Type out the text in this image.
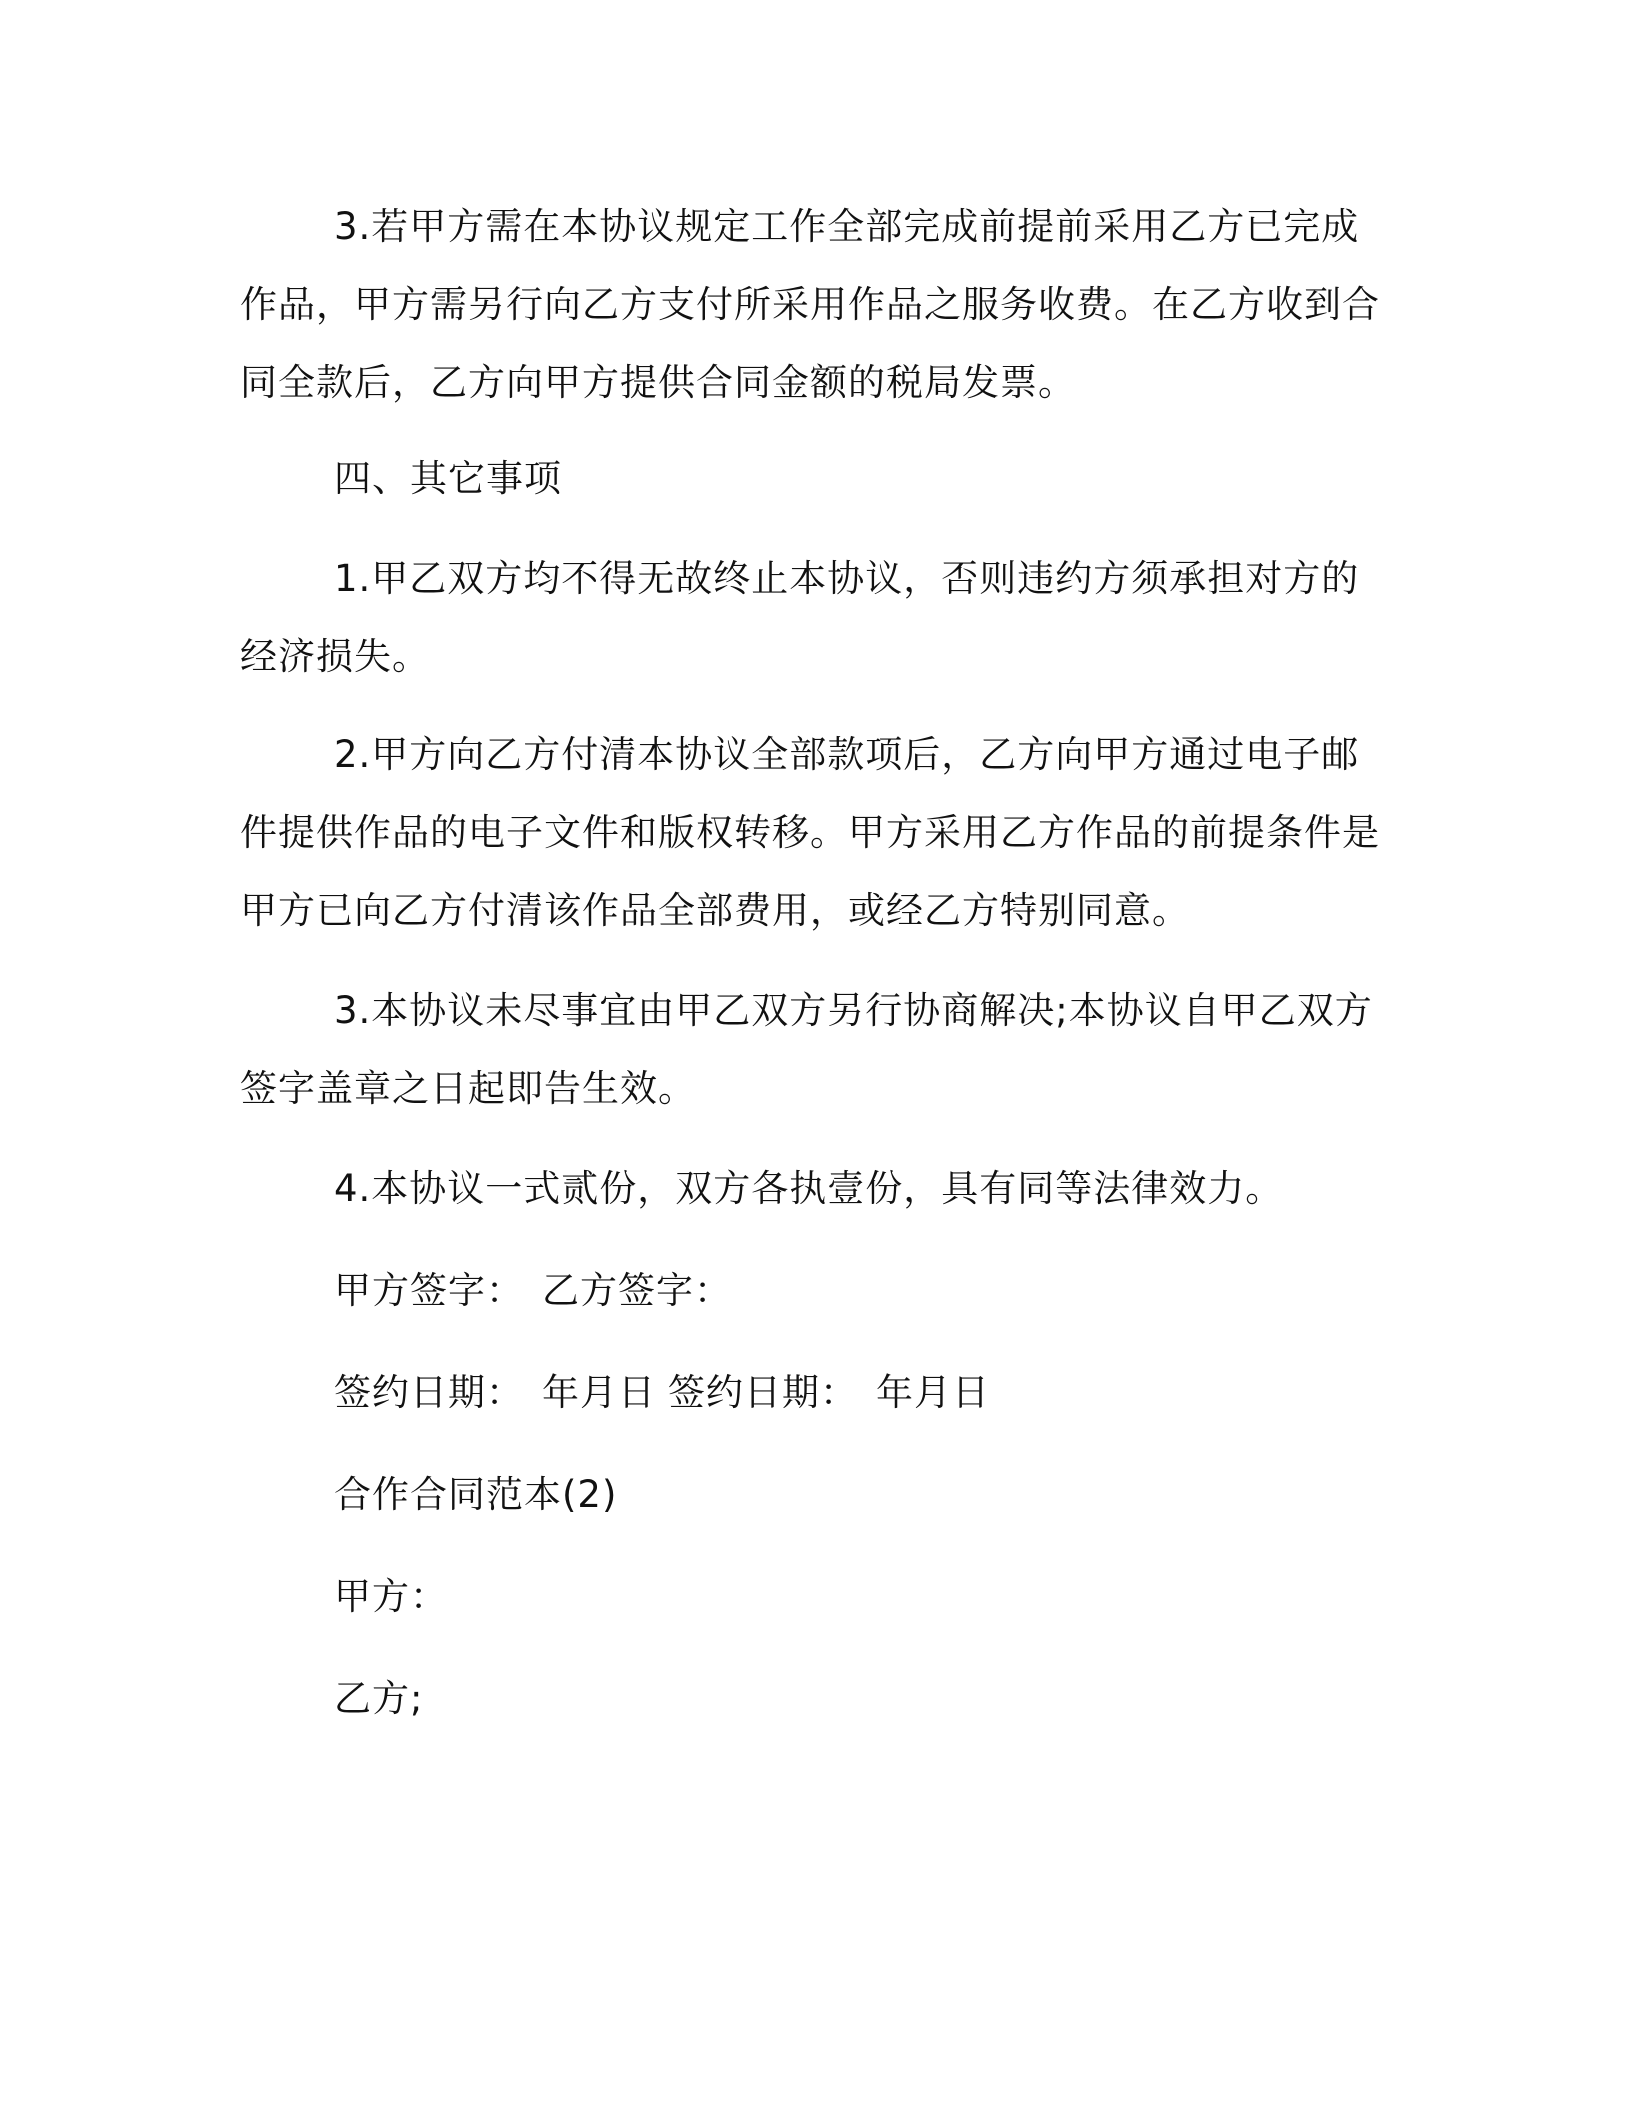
3.若甲方需在本协议规定工作全部完成前提前采用乙方已完成作品，甲方需另行向乙方支付所采用作品之服务收费。在乙方收到合同全款后，乙方向甲方提供合同金额的税局发票。
四、其它事项
1.甲乙双方均不得无故终止本协议，否则违约方须承担对方的经济损失。
2.甲方向乙方付清本协议全部款项后，乙方向甲方通过电子邮件提供作品的电子文件和版权转移。甲方采用乙方作品的前提条件是甲方已向乙方付清该作品全部费用，或经乙方特别同意。
3.本协议未尽事宜由甲乙双方另行协商解决;本协议自甲乙双方签字盖章之日起即告生效。
4.本协议一式贰份，双方各执壹份，具有同等法律效力。
甲方签字： 乙方签字：
签约日期： 年月日 签约日期： 年月日
合作合同范本(2)
甲方：
乙方;
